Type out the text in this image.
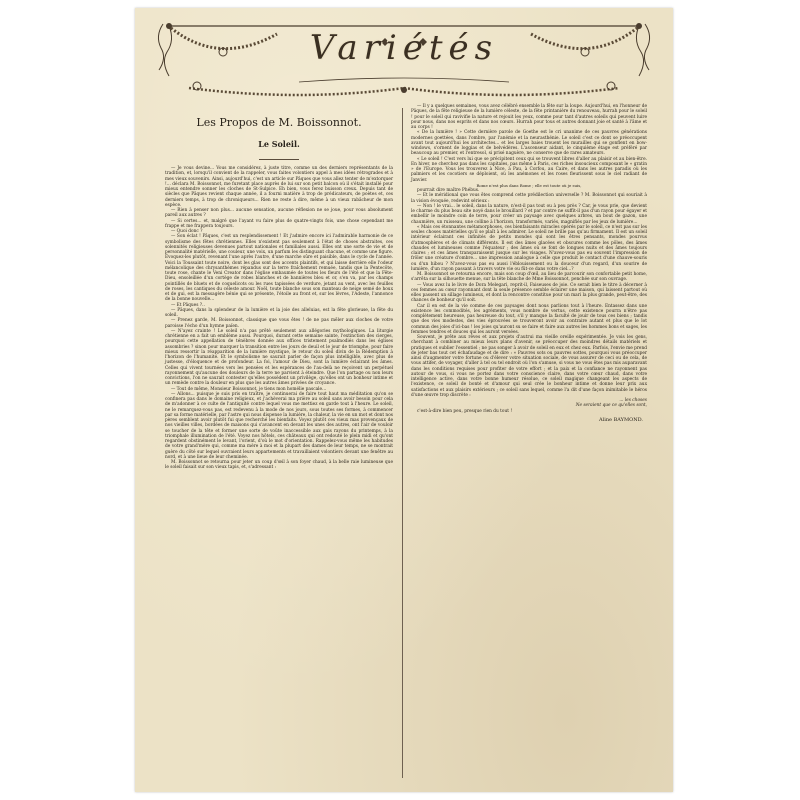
Variétés
Les Propos de M. Boissonnot.
Le Soleil.

— Je vous devine... Vous me considérez, à juste titre, comme un des derniers représentants de la tradition, et, lorsqu'il convient de la rappeler, vous faites volontiers appel à mes idées rétrogrades et à mes vieux souvenirs. Ainsi, aujourd'hui, c'est un article sur Pâques que vous allez tenter de m'extorquer !... déclara M. Boissonnot, me furetant place auprès de lui sur son petit balcon où il s'était installé pour mieux entendre sonner les cloches de St-Sulpice. Eh bien, vous ferez buisson creux. Depuis tant de siècles que Pâques revient chaque année, il a fourni matière à trop de prédicateurs, de poètes et, ces derniers temps, à trop de chroniqueurs... Rien ne reste à dire, même à un vieux rabâcheur de mon espèce.

— Rien à penser non plus... aucune sensation, aucune réflexion ne se joue, pour vous absolument pareil aux autres ?

— Si certes... et, malgré que l'ayant vu faire plus de quatre-vingts fois, une chose cependant me frappe et me frappera toujours.

— Quoi donc ?

— Son éclat ! Pâques, c'est un resplendissement ! Et j'admire encore ici l'admirable harmonie de ce symbolisme des fêtes chrétiennes. Elles n'existent pas seulement à l'état de choses abstraites, ces solennités religieuses devenues partout nationales et familiales aussi. Elles ont une sorte de vie et de personnalité matérielle, une couleur, une voix, un parfum les distinguant chacune, et comme une figure. Évoquez-les plutôt, revenant l'une après l'autre, d'une marche sûre et paisible, dans le cycle de l'année. Voici la Toussaint toute noire, dont les glas sont des accents plaintifs, et qui laisse derrière elle l'odeur mélancolique des chrysanthèmes répandus sur la terre fraîchement remuée, tandis que la Pentecôte, toute rose, chante le Veni Creator dans l'église embaumée de toutes les fleurs de l'été et que la Fête-Dieu, ensoleillée d'un cortège de robes blanches et de bannières bleu et or, s'en va, par les champs pointillés de bluets et de coquelicots ou les rues tapissées de verdure, jetant au vent, avec les feuilles de roses, les cantiques du céleste amour. Noël, toute blanche sous son manteau de neige semé de houx et de gui, est la messagère bénie qui se présente, l'étoile au front et, sur les lèvres, l'Adeste, l'annonce de la bonne nouvelle...

— Et Pâques ?..

— Pâques, dans la splendeur de la lumière et la joie des alleluias, est la fête glorieuse, la fête du soleil.

— Prenez garde, M. Boissonnot, classique que vous êtes ! de ne pas mêler aux cloches de votre paroisse l'écho d'un hymne païen.

— N'ayez crainte ! Le soleil n'a pas prêté seulement aux allégories mythologiques. La liturgie chrétienne en a fait un emblème aussi. Pourquoi, durant cette semaine sainte, l'extinction des cierges, pourquoi cette appellation de ténèbres donnée aux offices tristement psalmodiés dans les églises assombries ? sinon pour marquer la transition entre les jours de deuil et le jour de triomphe, pour faire mieux ressortir la réapparition de la lumière mystique, le retour du soleil divin de la Rédemption à l'horizon de l'humanité. Et le symbolisme ne saurait parler de façon plus intelligible, avec plus de justesse, d'éloquence et de profondeur. La foi, l'amour de Dieu, sont la lumière éclairant les âmes. Celles qui vivent tournées vers les pensées et les espérances de l'au-delà ne reçoivent un perpétuel rayonnement qu'aucune des douleurs de la terre ne parvient à éteindre. Que l'on partage ou non leurs convictions, l'on ne saurait contester qu'elles possèdent un privilège, qu'elles ont un bonheur intime et un remède contre la douleur en plus que les autres âmes privées de croyance.

— Tout de même, Monsieur Boissonnot, je tiens mon homélie pascale...

— Allons... puisque je suis pris en traître, je continuerai de faire tout haut ma méditation qu'on se confinera pas dans le domaine religieux, et j'achèverai ma prière au soleil sans avoir besoin pour cela de m'adonner à ce culte de l'antiquité contre lequel vous me mettiez en garde tout à l'heure. Le soleil, ne le remarquez-vous pas, est redevenu à la mode de nos jours, sous toutes ses formes, à commencer par sa forme matérielle, par l'astre qui nous dispense la lumière, la chaleur, la vie en un mot et dont nos pères semblent avoir plutôt fui que recherché les bienfaits. Voyez plutôt ces vieux mas provençaux de nos vieilles villes, bordées de maisons qui s'avancent en devant les unes des autres, ont l'air de vouloir se toucher de la tête et former une sorte de voûte inaccessible aux gais rayons du printemps, à la triomphale illumination de l'été. Voyez nos hôtels, ces châteaux qui ont redouté le plein midi et qu'ont regardent obstinément le levant, l'orient, d'où le mot d'orientation. Rappelez-vous même les habitudes de votre grand'mère qui, comme ma mère à moi et la plupart des dames de leur temps, ne se montrait guère du côté sur lequel ouvraient leurs appartements et travaillaient volontiers devant une fenêtre au nord, et à une lieue de leur cheminée.

M. Boissonnot se retourna pour jeter un coup d'œil à son foyer chaud, à la belle raie lumineuse que le soleil faisait sur son vieux tapis, et, s'adressant :

— Il y a quelques semaines, vous avez célébré ensemble la fête sur la loupe. Aujourd'hui, en l'honneur de Pâques, de la fête religieuse de la lumière céleste, de la fête printanière du renouveau, hurrah pour le soleil ! pour le soleil qui ravivifie la nature et rejouit les yeux, comme pour tant d'autres soleils qui peuvent luire pour nous, dans nos esprits et dans nos cœurs. Hurrah pour tous et autres donnant joie et santé à l'âme et au corps !

« De la lumière ! » Cette dernière parole de Goethe est le cri unanime de ces pauvres générations modernes goettées, dans l'ombre, par l'anémie et la neurasthénie. Le soleil c'est ce dont se préoccupent avant tout aujourd'hui les architectes... et les larges baies trouent les murailles qui se gonflent en bow-windows, s'ornent de loggias et de belvédères. L'ascenseur aidant, le cinquième étage est préféré par beaucoup au premier, et l'entresol, si prisé naguère, ne conserve que de rares amateurs.

« Le soleil ! C'est vers lui que se précipitent ceux qui se trouvent libres d'aller au plaisir et au bien-être. En hiver, ne cherchez pas dans les capitales, pas même à Paris, ces riches insoucieux composant le « gratin » de l'Europe. Vous les trouverez à Nice, à Pau, à Corfou, au Caire, et dans les autres paradis où les palmiers et les cocotiers se déploient, où les anémones et les roses fleurissent sous le ciel radiant de Janvier.

Rome n'est plus dans Rome ; elle est toute où je suis,

pourrait dire maître Phébus.

— Et le méridional que vous êtes comprend cette prédilection universelle ? M. Boissonnot qui souriait à la vision évoquée, redevint sérieux :

— Non ! le vrai... le soleil, dans la nature, n'est-il pas tout ou à peu près ? Car, je vous prie, que devient le charme du plus beau site noyé dans le brouillard ? et par contre ne suffit-il pas d'un rayon pour égayer et embellir le moindre coin de terre, pour créer un paysage avec quelques arbres, un bout de gazon, une chaumière, un ruisseau, une colline à l'horizon, transformés, variés, magnifiés par les jeux de lumière...

« Mais ces étonnantes métamorphoses, ces bienfaisants miracles opérés par le soleil, ce n'est pas sur les seules choses matérielles qu'il se plaît à les admirer. Le soleil ne brille pas qu'au firmament. Il est un soleil intérieur éclairant ces infinités de petits mondes qui sont les êtres pensants, mondes pourvus d'atmosphères et de climats différents. Il est des âmes glacées et obscures comme les pôles, des âmes chaudes et lumineuses comme l'équateur ; des âmes où se font de longues nuits et des âmes toujours claires ; et ces âmes transparaissent jusque sur les visages. N'avez-vous pas eu souvent l'impression de frôler une créature d'ombre... une impression analogue à celle que produit le contact d'une chauve-souris ou d'un hibou ? N'avez-vous pas eu aussi l'éblouissement ou la douceur d'un regard, d'un sourire de lumière, d'un rayon passant à travers votre vie ou fût-ce dans votre ciel...?

M. Boissonnot se retourna encore, mais son coup d'œil, au lieu de parcourir son confortable petit home, s'arrêta sur la silhouette menue, sur la tête blanche de Mme Boissonnot, penchée sur son ouvrage.

— Vous avez lu le livre de Dora Melegari, reprit-il, Faiseuses de joie. Ce serait bien le titre à décerner à ces femmes au cœur rayonnant dont la seule présence semble éclairer une maison, qui laissent partout où elles passent un sillage lumineux, et dont la rencontre constitue pour un mari la plus grande, peut-être, des chances de bonheur qu'il soit.

Car il en est de la vie comme de ces paysages dont nous parlions tout à l'heure. Entassez dans une existence les commodités, les agréments, vous nombre de vertus, cette existence pourra n'être pas complètement heureuse, pas heureuse du tout, s'il y manque la faculté de jouir de tous ces biens ; tandis que des vies modestes, des vies éprouvées se trouveront avoir au contraire autant et plus que le lot commun des joies d'ici-bas ! les joies qu'auront su se faire et faire aux autres les hommes bons et sages, les femmes tendres et douces qui les auront versées.

Souvent, je prête aux rêves et aux projets d'autrui ma vieille oreille expérimentée. Je vois les gens, cherchant à combiner au mieux leurs plans d'avenir, se préoccuper des moindres détails matériels et pratiques et oublier l'essentiel ; ne pas songer à avoir de soleil en eux et chez eux. Parfois, l'envie me prend de jeter bas tout cet échafaudage et de dire : « Pauvres sots ou pauvres sottes, pourquoi vous préoccuper ainsi d'augmenter votre fortune ou d'élever votre situation sociale, de vous assurer de ceci ou de cela, de vous attifer, de voyager, d'aller à tel ou tel endroit où l'on s'amuse, si vous ne vous êtes pas mis auparavant dans les conditions requises pour profiter de votre effort ; et la paix et la confiance ne rayonnent pas autour de vous, si vous ne portez dans votre conscience claire, dans votre cœur chaud, dans votre intelligence active, dans votre bonne humeur résolue, ce soleil magique changeant les aspects de l'existence, ce soleil de bonté et d'amour qui seul crée le bonheur intime et donne leur prix aux satisfactions et aux plaisirs extérieurs ; ce soleil sans lequel, comme l'a dit d'une façon inimitable le héros d'une œuvre trop discrète :

... les choses

Ne seraient que ce qu'elles sont,

c'est-à-dire bien peu, presque rien du tout !

Aline BAYMOND.
